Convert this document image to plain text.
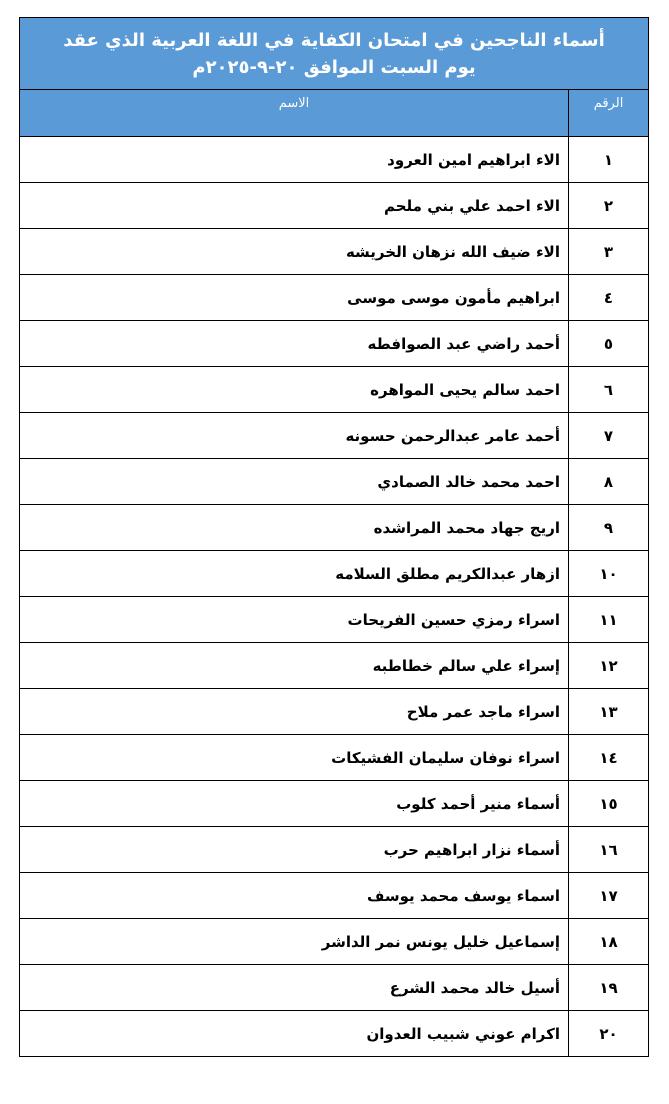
أسماء الناجحين في امتحان الكفاية في اللغة العربية الذي عقد
يوم السبت الموافق ٢٠-٩-٢٠٢٥م	

الرقم	الاسم
١	الاء ابراهيم امين العرود
٢	الاء احمد علي بني ملحم
٣	الاء ضيف الله نزهان الخريشه
٤	ابراهيم مأمون موسى موسى
٥	أحمد راضي عبد الصوافطه
٦	احمد سالم يحيى المواهره
٧	أحمد عامر عبدالرحمن حسونه
٨	احمد محمد خالد الصمادي
٩	اريج جهاد محمد المراشده
١٠	ازهار عبدالكريم مطلق السلامه
١١	اسراء رمزي حسين الفريحات
١٢	إسراء علي سالم خطاطبه
١٣	اسراء ماجد عمر ملاح
١٤	اسراء نوفان سليمان الفشيكات
١٥	أسماء منير أحمد كلوب
١٦	أسماء نزار ابراهيم حرب
١٧	اسماء يوسف محمد يوسف
١٨	إسماعيل خليل يونس نمر الداشر
١٩	أسيل خالد محمد الشرع
٢٠	اكرام عوني شبيب العدوان
